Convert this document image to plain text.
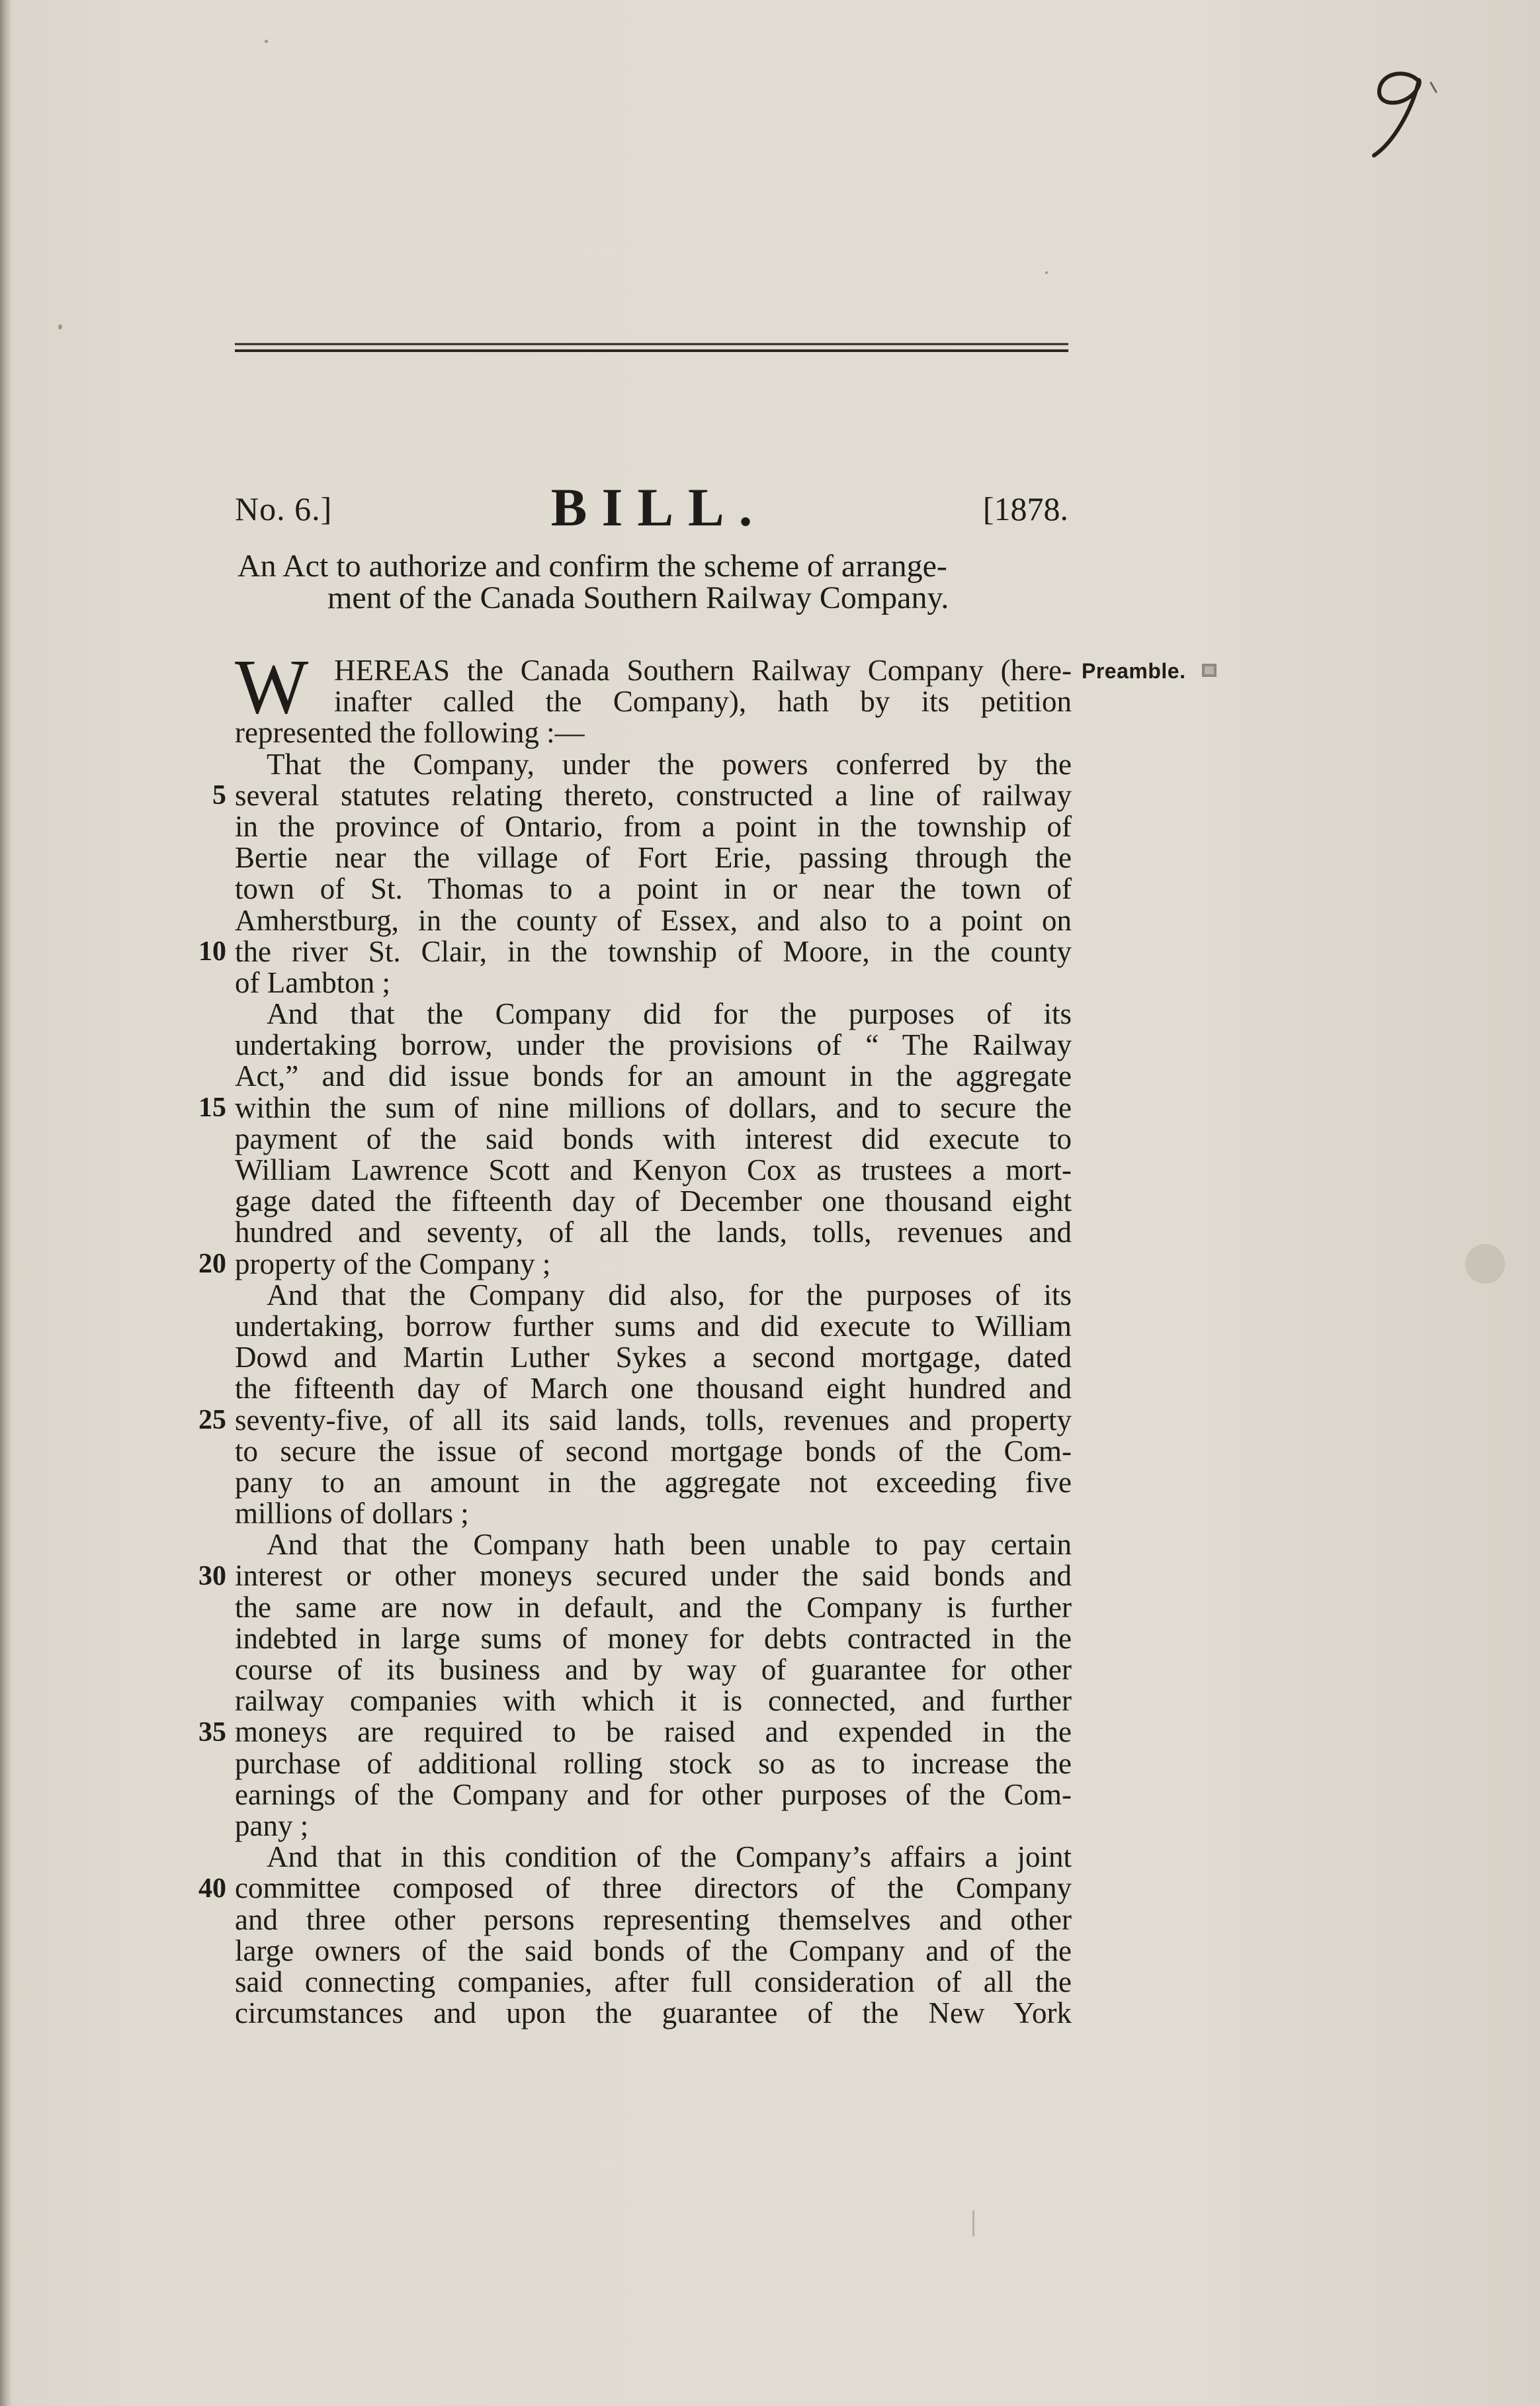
No. 6.]	BILL.	[1878.
An Act to authorize and confirm the scheme of arrange-
ment of the Canada Southern Railway Company.
W	Preamble.
HEREAS the Canada Southern Railway Company (here-
inafter called the Company), hath by its petition
represented the following :—
That the Company, under the powers conferred by the
several statutes relating thereto, constructed a line of railway
in the province of Ontario, from a point in the township of
Bertie near the village of Fort Erie, passing through the
town of St. Thomas to a point in or near the town of
Amherstburg, in the county of Essex, and also to a point on
the river St. Clair, in the township of Moore, in the county
of Lambton ;
And that the Company did for the purposes of its
undertaking borrow, under the provisions of “ The Railway
Act,” and did issue bonds for an amount in the aggregate
within the sum of nine millions of dollars, and to secure the
payment of the said bonds with interest did execute to
William Lawrence Scott and Kenyon Cox as trustees a mort-
gage dated the fifteenth day of December one thousand eight
hundred and seventy, of all the lands, tolls, revenues and
property of the Company ;
And that the Company did also, for the purposes of its
undertaking, borrow further sums and did execute to William
Dowd and Martin Luther Sykes a second mortgage, dated
the fifteenth day of March one thousand eight hundred and
seventy-five, of all its said lands, tolls, revenues and property
to secure the issue of second mortgage bonds of the Com-
pany to an amount in the aggregate not exceeding five
millions of dollars ;
And that the Company hath been unable to pay certain
interest or other moneys secured under the said bonds and
the same are now in default, and the Company is further
indebted in large sums of money for debts contracted in the
course of its business and by way of guarantee for other
railway companies with which it is connected, and further
moneys are required to be raised and expended in the
purchase of additional rolling stock so as to increase the
earnings of the Company and for other purposes of the Com-
pany ;
And that in this condition of the Company’s affairs a joint
committee composed of three directors of the Company
and three other persons representing themselves and other
large owners of the said bonds of the Company and of the
said connecting companies, after full consideration of all the
circumstances and upon the guarantee of the New York
5
10
15
20
25
30
35
40
